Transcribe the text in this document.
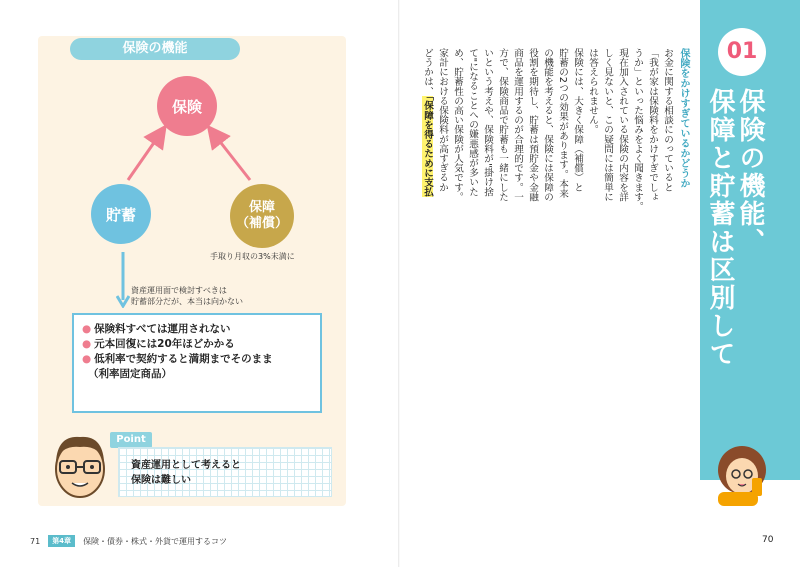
保険の機能
保険
貯蓄	保障
（補償）
手取り月収の3%未満に
資産運用面で検討すべきは
貯蓄部分だが、本当は向かない
● 保険料すべては運用されない
● 元本回復には20年ほどかかる
● 低利率で契約すると満期までそのまま
（利率固定商品）
Point
資産運用として考えると
保険は難しい
71	第4章	保険・債券・株式・外貨で運用するコツ
01
保険の機能、
保障と貯蓄は区別して
保険をかけすぎているかどうか
お金に関する相談にのっていると
「我が家は保険料をかけすぎでしょ
うか」といった悩みをよく聞きます。
現在加入されている保険の内容を詳
しく見ないと、この疑問には簡単に
は答えられません。
保険には、大きく保障（補償）と
貯蓄の2つの効果があります。本来
の機能を考えると、保険には保障の
役割を期待し、貯蓄は預貯金や金融
商品を運用するのが合理的です。一
方で、保険商品で貯蓄も一緒にした
いという考えや、保険料が"掛け捨
て"になることへの嫌悪感が多いた
め、貯蓄性の高い保険が人気です。
家計における保険料が高すぎるか
どうかは、「保障を得るために支払
70
